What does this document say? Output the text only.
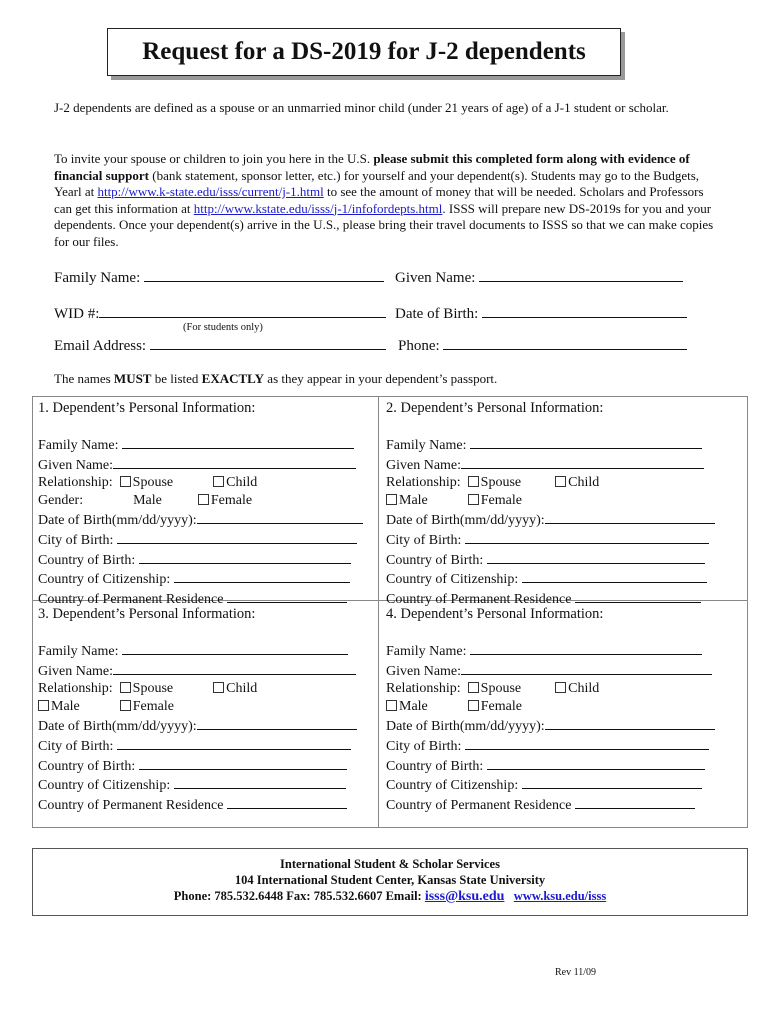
Request for a DS-2019 for J-2 dependents
J-2 dependents are defined as a spouse or an unmarried minor child (under 21 years of age) of a J-1 student or scholar.
To invite your spouse or children to join you here in the U.S. please submit this completed form along with evidence of financial support (bank statement, sponsor letter, etc.) for yourself and your dependent(s). Students may go to the Budgets, Yearl at http://www.k-state.edu/isss/current/j-1.html to see the amount of money that will be needed. Scholars and Professors can get this information at http://www.kstate.edu/isss/j-1/infofordepts.html. ISSS will prepare new DS-2019s for you and your dependents. Once your dependent(s) arrive in the U.S., please bring their travel documents to ISSS so that we can make copies for our files.
Family Name:	Given Name:
WID #:
(For students only)
Date of Birth:
Email Address:	Phone:
The names MUST be listed EXACTLY as they appear in your dependent’s passport.
1. Dependent’s Personal Information:
Family Name:
Given Name:
Relationship: Spouse	Child
Gender:	Male	Female
Date of Birth(mm/dd/yyyy):
City of Birth:
Country of Birth:
Country of Citizenship:
Country of Permanent Residence
2. Dependent’s Personal Information:
Family Name:
Given Name:
Relationship: Spouse	Child
Male	Female
Date of Birth(mm/dd/yyyy):
City of Birth:
Country of Birth:
Country of Citizenship:
Country of Permanent Residence
3. Dependent’s Personal Information:
Family Name:
Given Name:
Relationship: Spouse	Child
Male	Female
Date of Birth(mm/dd/yyyy):
City of Birth:
Country of Birth:
Country of Citizenship:
Country of Permanent Residence
4. Dependent’s Personal Information:
Family Name:
Given Name:
Relationship: Spouse	Child
Male	Female
Date of Birth(mm/dd/yyyy):
City of Birth:
Country of Birth:
Country of Citizenship:
Country of Permanent Residence
International Student & Scholar Services
104 International Student Center, Kansas State University
Phone: 785.532.6448 Fax: 785.532.6607 Email: isss@ksu.edu www.ksu.edu/isss
Rev 11/09
